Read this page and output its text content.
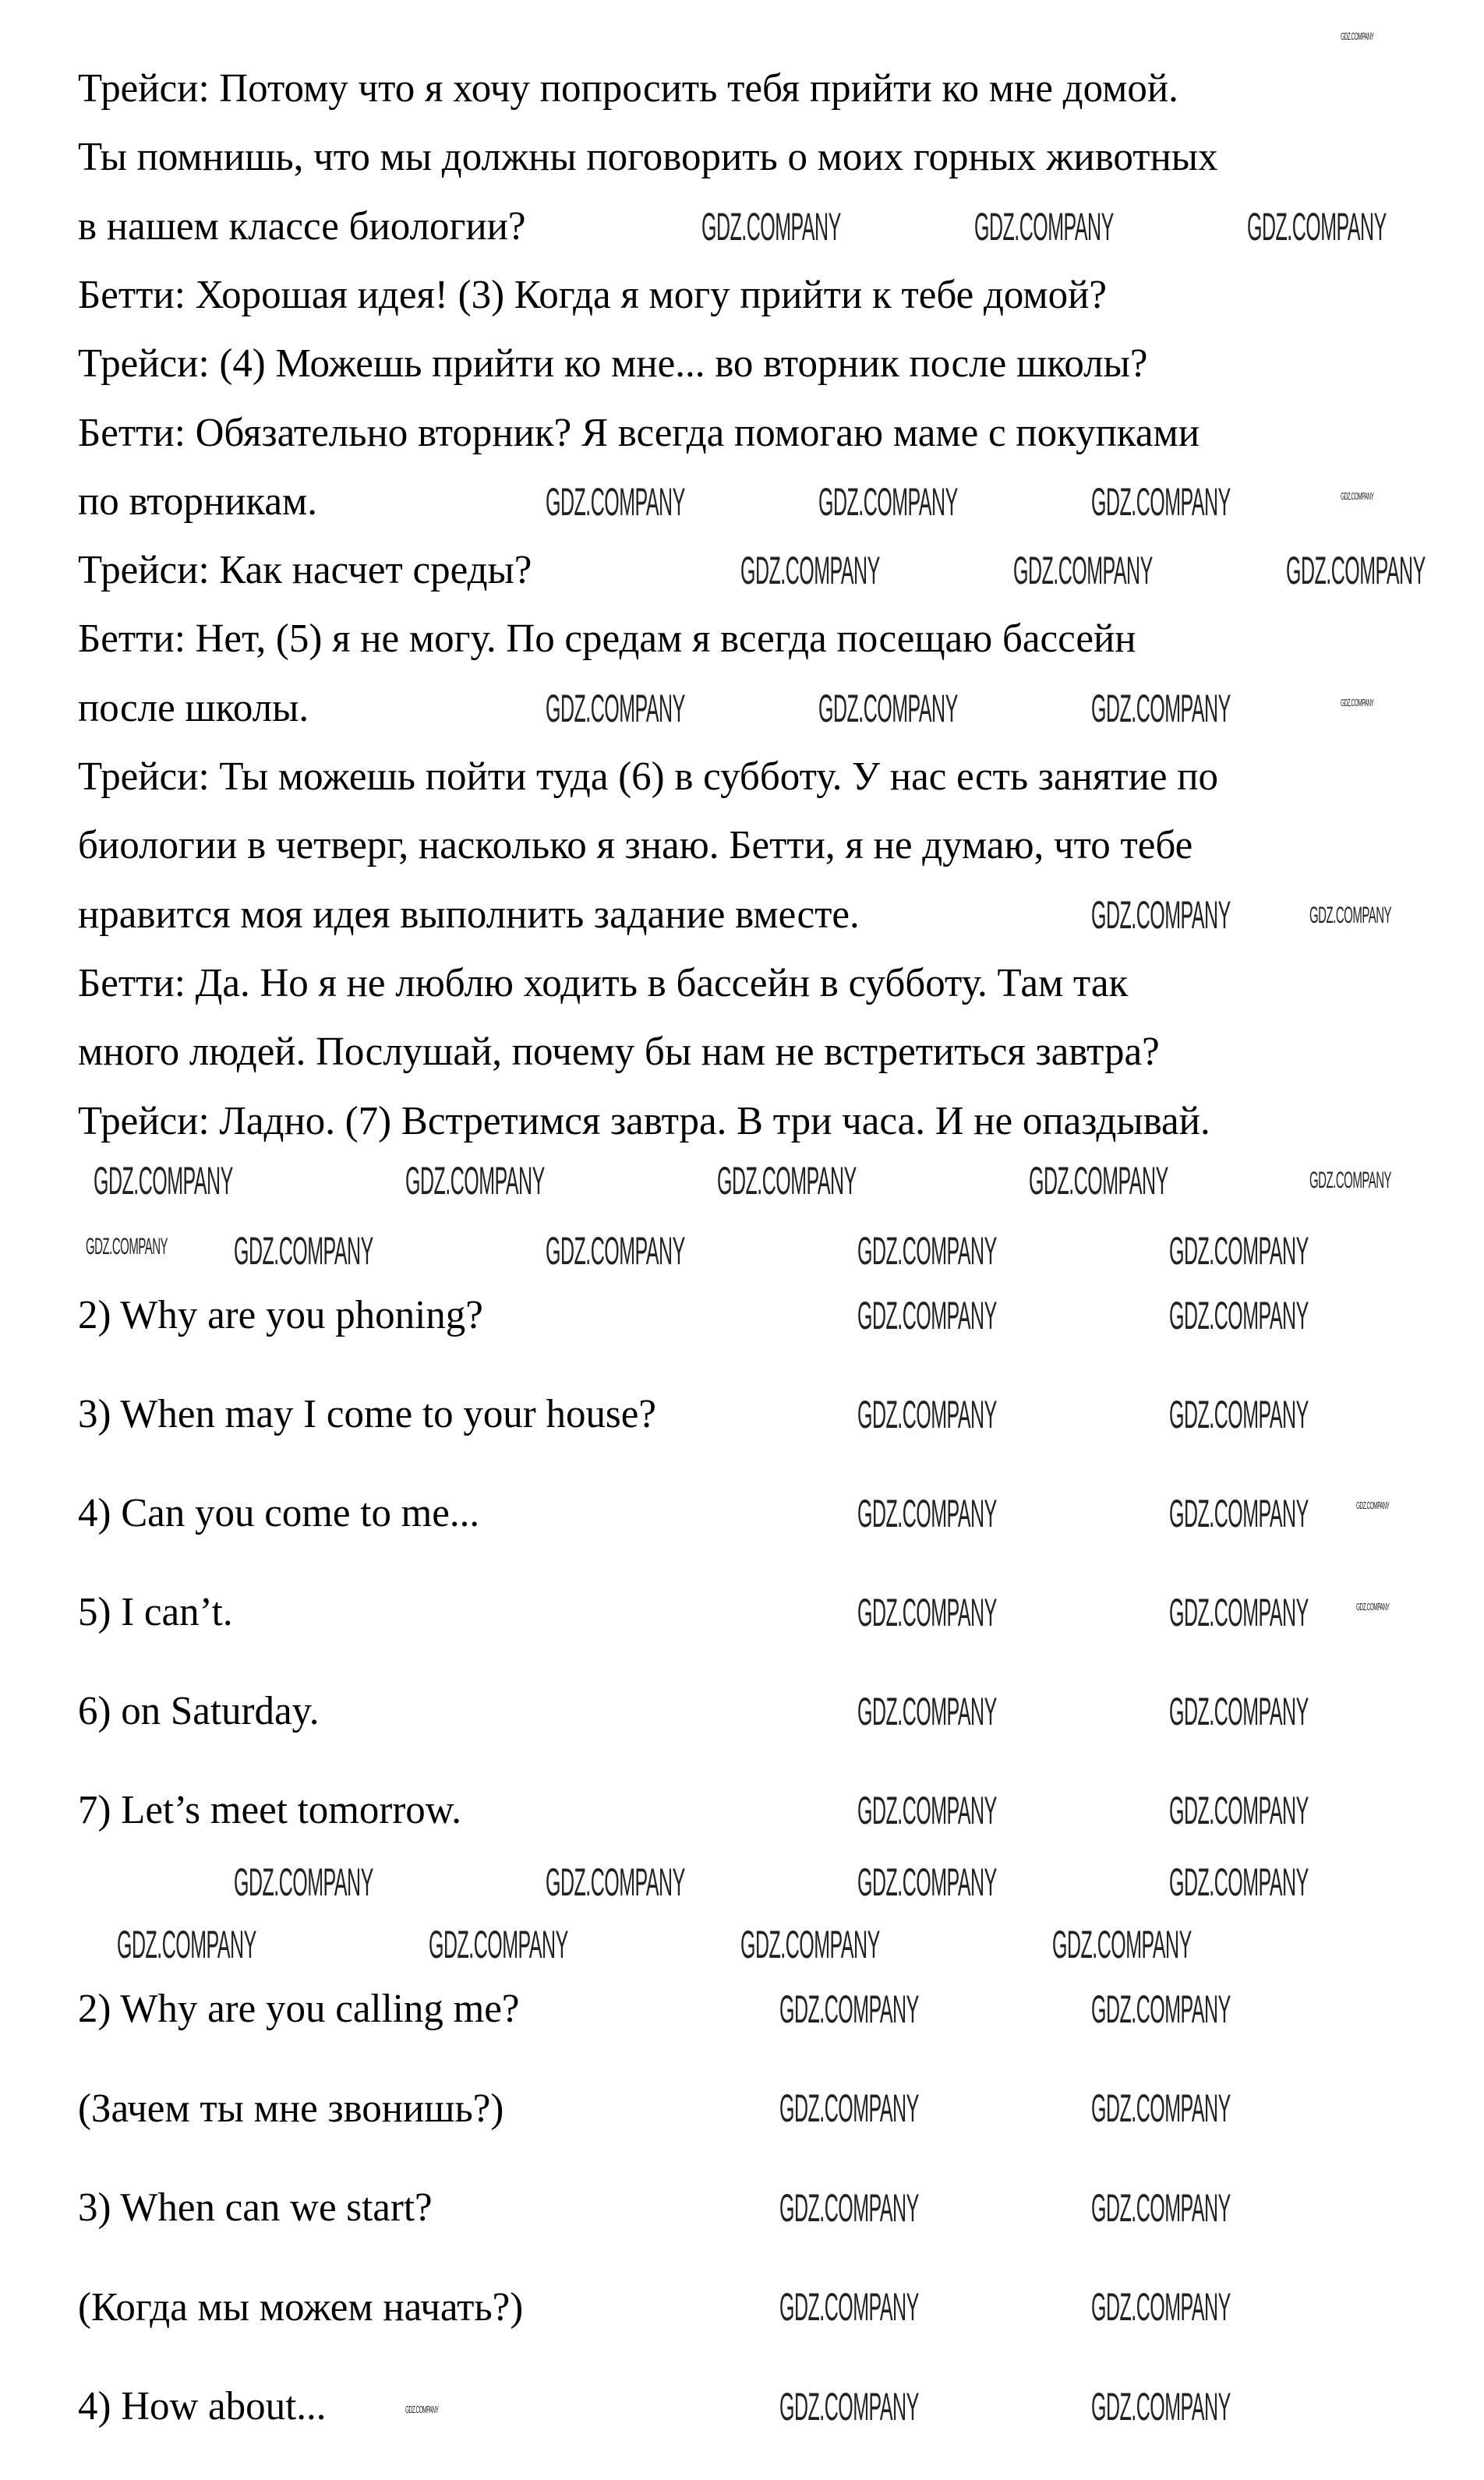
Трейси: Потому что я хочу попросить тебя прийти ко мне домой.
Ты помнишь, что мы должны поговорить о моих горных животных
в нашем классе биологии?
Бетти: Хорошая идея! (3) Когда я могу прийти к тебе домой?
Трейси: (4) Можешь прийти ко мне... во вторник после школы?
Бетти: Обязательно вторник? Я всегда помогаю маме с покупками
по вторникам.
Трейси: Как насчет среды?
Бетти: Нет, (5) я не могу. По средам я всегда посещаю бассейн
после школы.
Трейси: Ты можешь пойти туда (6) в субботу. У нас есть занятие по
биологии в четверг, насколько я знаю. Бетти, я не думаю, что тебе
нравится моя идея выполнить задание вместе.
Бетти: Да. Но я не люблю ходить в бассейн в субботу. Там так
много людей. Послушай, почему бы нам не встретиться завтра?
Трейси: Ладно. (7) Встретимся завтра. В три часа. И не опаздывай.
2) Why are you phoning?
3) When may I come to your house?
4) Can you come to me...
5) I can’t.
6) on Saturday.
7) Let’s meet tomorrow.
2) Why are you calling me?
(Зачем ты мне звонишь?)
3) When can we start?
(Когда мы можем начать?)
4) How about...
GDZ.COMPANY
GDZ.COMPANY	GDZ.COMPANY	GDZ.COMPANY
GDZ.COMPANY	GDZ.COMPANY	GDZ.COMPANY	GDZ.COMPANY
GDZ.COMPANY	GDZ.COMPANY	GDZ.COMPANY
GDZ.COMPANY	GDZ.COMPANY	GDZ.COMPANY	GDZ.COMPANY
GDZ.COMPANY	GDZ.COMPANY
GDZ.COMPANY	GDZ.COMPANY	GDZ.COMPANY	GDZ.COMPANY	GDZ.COMPANY
GDZ.COMPANY GDZ.COMPANY	GDZ.COMPANY	GDZ.COMPANY	GDZ.COMPANY
GDZ.COMPANY	GDZ.COMPANY
GDZ.COMPANY	GDZ.COMPANY
GDZ.COMPANY	GDZ.COMPANY	GDZ.COMPANY
GDZ.COMPANY	GDZ.COMPANY	GDZ.COMPANY
GDZ.COMPANY	GDZ.COMPANY
GDZ.COMPANY	GDZ.COMPANY
GDZ.COMPANY	GDZ.COMPANY	GDZ.COMPANY	GDZ.COMPANY
GDZ.COMPANY	GDZ.COMPANY	GDZ.COMPANY	GDZ.COMPANY
GDZ.COMPANY	GDZ.COMPANY
GDZ.COMPANY	GDZ.COMPANY
GDZ.COMPANY	GDZ.COMPANY
GDZ.COMPANY	GDZ.COMPANY
GDZ.COMPANY	GDZ.COMPANY
GDZ.COMPANY
